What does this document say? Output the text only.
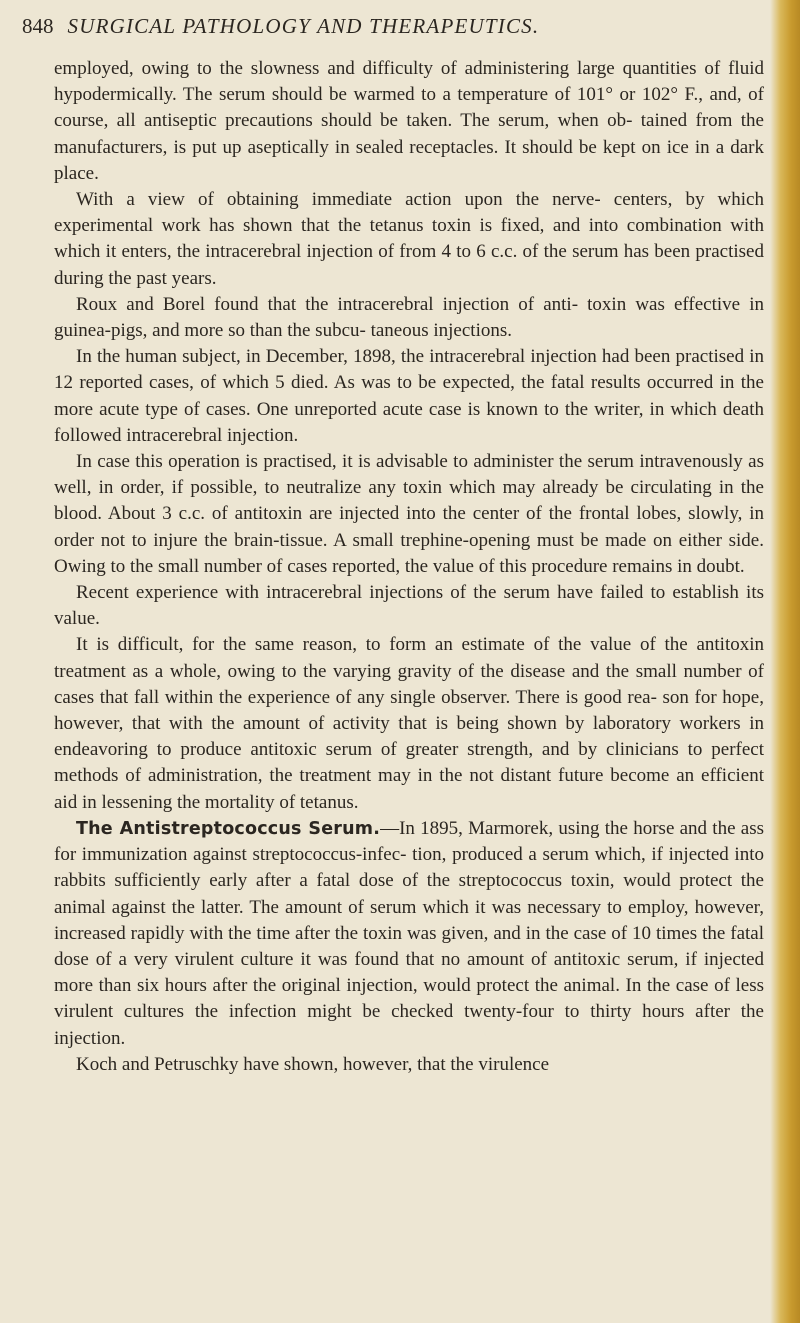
848 SURGICAL PATHOLOGY AND THERAPEUTICS.

employed, owing to the slowness and difficulty of administering large quantities of fluid hypodermically. The serum should be warmed to a temperature of 101° or 102° F., and, of course, all antiseptic precautions should be taken. The serum, when ob- tained from the manufacturers, is put up aseptically in sealed receptacles. It should be kept on ice in a dark place.

With a view of obtaining immediate action upon the nerve- centers, by which experimental work has shown that the tetanus toxin is fixed, and into combination with which it enters, the intracerebral injection of from 4 to 6 c.c. of the serum has been practised during the past years.

Roux and Borel found that the intracerebral injection of anti- toxin was effective in guinea-pigs, and more so than the subcu- taneous injections.

In the human subject, in December, 1898, the intracerebral injection had been practised in 12 reported cases, of which 5 died. As was to be expected, the fatal results occurred in the more acute type of cases. One unreported acute case is known to the writer, in which death followed intracerebral injection.

In case this operation is practised, it is advisable to administer the serum intravenously as well, in order, if possible, to neutralize any toxin which may already be circulating in the blood. About 3 c.c. of antitoxin are injected into the center of the frontal lobes, slowly, in order not to injure the brain-tissue. A small trephine-opening must be made on either side. Owing to the small number of cases reported, the value of this procedure remains in doubt.

Recent experience with intracerebral injections of the serum have failed to establish its value.

It is difficult, for the same reason, to form an estimate of the value of the antitoxin treatment as a whole, owing to the varying gravity of the disease and the small number of cases that fall within the experience of any single observer. There is good rea- son for hope, however, that with the amount of activity that is being shown by laboratory workers in endeavoring to produce antitoxic serum of greater strength, and by clinicians to perfect methods of administration, the treatment may in the not distant future become an efficient aid in lessening the mortality of tetanus.

The Antistreptococcus Serum.—In 1895, Marmorek, using the horse and the ass for immunization against streptococcus-infec- tion, produced a serum which, if injected into rabbits sufficiently early after a fatal dose of the streptococcus toxin, would protect the animal against the latter. The amount of serum which it was necessary to employ, however, increased rapidly with the time after the toxin was given, and in the case of 10 times the fatal dose of a very virulent culture it was found that no amount of antitoxic serum, if injected more than six hours after the original injection, would protect the animal. In the case of less virulent cultures the infection might be checked twenty-four to thirty hours after the injection.

Koch and Petruschky have shown, however, that the virulence
